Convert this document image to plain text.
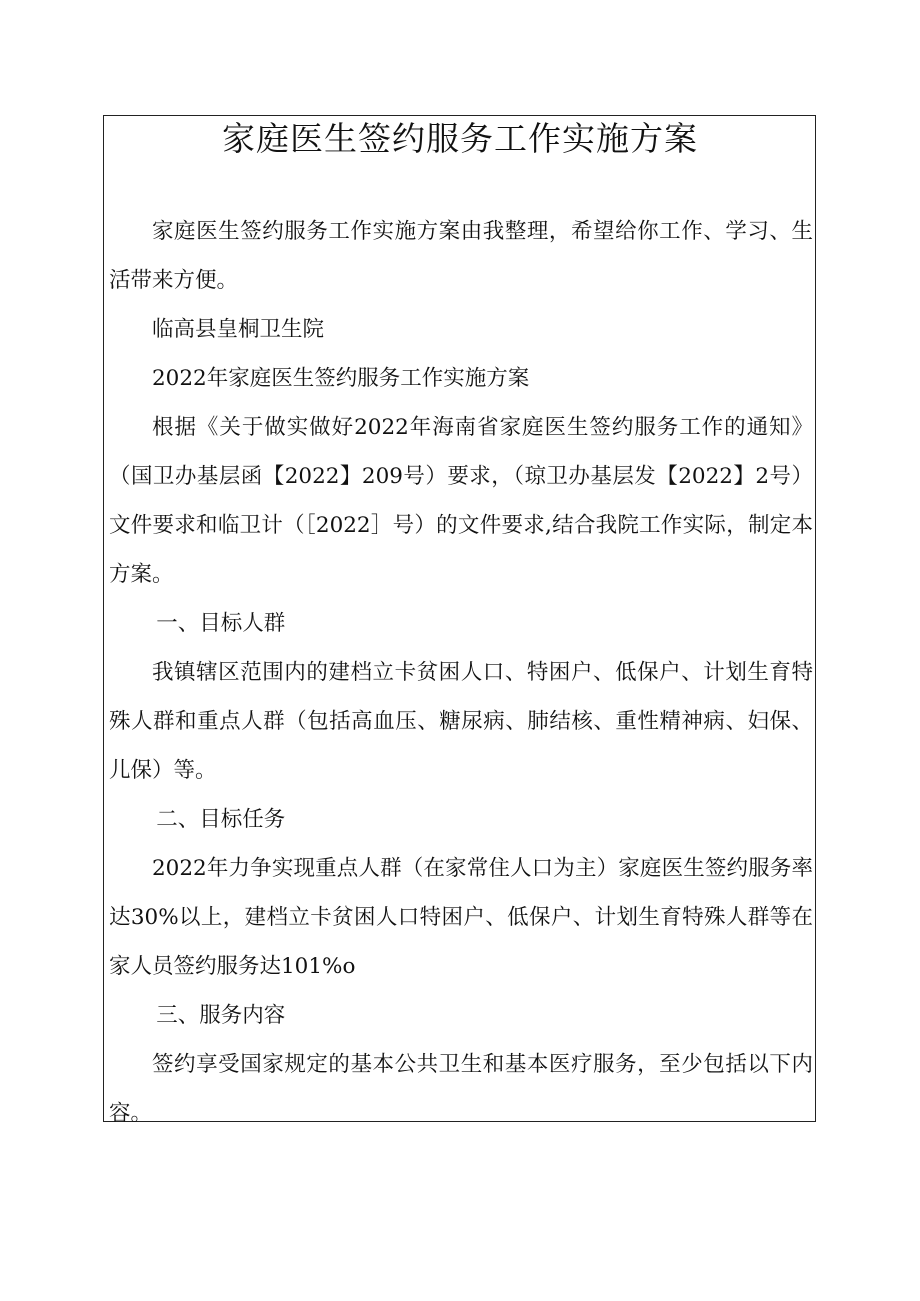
家庭医生签约服务工作实施方案

家庭医生签约服务工作实施方案由我整理，希望给你工作、学习、生活带来方便。

临高县皇桐卫生院

2022年家庭医生签约服务工作实施方案

根据《关于做实做好2022年海南省家庭医生签约服务工作的通知》（国卫办基层函【2022】209号）要求，（琼卫办基层发【2022】2号）文件要求和临卫计（［2022］号）的文件要求,结合我院工作实际，制定本方案。

一、目标人群

我镇辖区范围内的建档立卡贫困人口、特困户、低保户、计划生育特殊人群和重点人群（包括高血压、糖尿病、肺结核、重性精神病、妇保、儿保）等。

二、目标任务

2022年力争实现重点人群（在家常住人口为主）家庭医生签约服务率达30%以上，建档立卡贫困人口特困户、低保户、计划生育特殊人群等在家人员签约服务达101%o

三、服务内容

签约享受国家规定的基本公共卫生和基本医疗服务，至少包括以下内容。
